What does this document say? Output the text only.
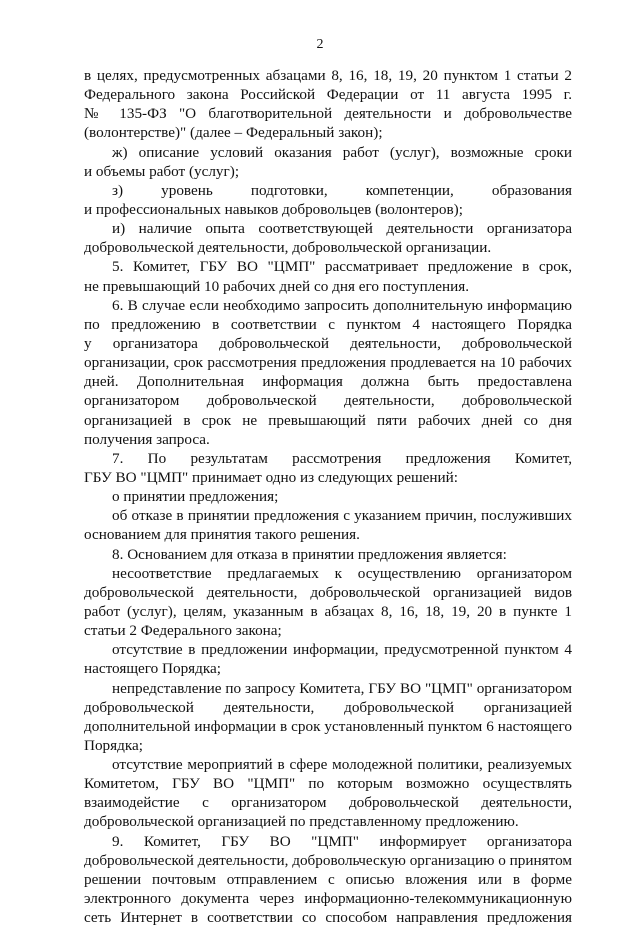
2
в целях, предусмотренных абзацами 8, 16, 18, 19, 20 пунктом 1 статьи 2
Федерального закона Российской Федерации от 11 августа 1995 г.
№ 135-ФЗ "О благотворительной деятельности и добровольчестве
(волонтерстве)" (далее – Федеральный закон);
ж) описание условий оказания работ (услуг), возможные сроки
и объемы работ (услуг);
з) уровень подготовки, компетенции, образования
и профессиональных навыков добровольцев (волонтеров);
и) наличие опыта соответствующей деятельности организатора
добровольческой деятельности, добровольческой организации.
5. Комитет, ГБУ ВО "ЦМП" рассматривает предложение в срок,
не превышающий 10 рабочих дней со дня его поступления.
6. В случае если необходимо запросить дополнительную информацию
по предложению в соответствии с пунктом 4 настоящего Порядка
у организатора добровольческой деятельности, добровольческой
организации, срок рассмотрения предложения продлевается на 10 рабочих
дней. Дополнительная информация должна быть предоставлена
организатором добровольческой деятельности, добровольческой
организацией в срок не превышающий пяти рабочих дней со дня
получения запроса.
7. По результатам рассмотрения предложения Комитет,
ГБУ ВО "ЦМП" принимает одно из следующих решений:
о принятии предложения;
об отказе в принятии предложения с указанием причин, послуживших
основанием для принятия такого решения.
8. Основанием для отказа в принятии предложения является:
несоответствие предлагаемых к осуществлению организатором
добровольческой деятельности, добровольческой организацией видов
работ (услуг), целям, указанным в абзацах 8, 16, 18, 19, 20 в пункте 1
статьи 2 Федерального закона;
отсутствие в предложении информации, предусмотренной пунктом 4
настоящего Порядка;
непредставление по запросу Комитета, ГБУ ВО "ЦМП" организатором
добровольческой деятельности, добровольческой организацией
дополнительной информации в срок установленный пунктом 6 настоящего
Порядка;
отсутствие мероприятий в сфере молодежной политики, реализуемых
Комитетом, ГБУ ВО "ЦМП" по которым возможно осуществлять
взаимодейстие с организатором добровольческой деятельности,
добровольческой организацией по представленному предложению.
9. Комитет, ГБУ ВО "ЦМП" информирует организатора
добровольческой деятельности, добровольческую организацию о принятом
решении почтовым отправлением с описью вложения или в форме
электронного документа через информационно-телекоммуникационную
сеть Интернет в соответствии со способом направления предложения
